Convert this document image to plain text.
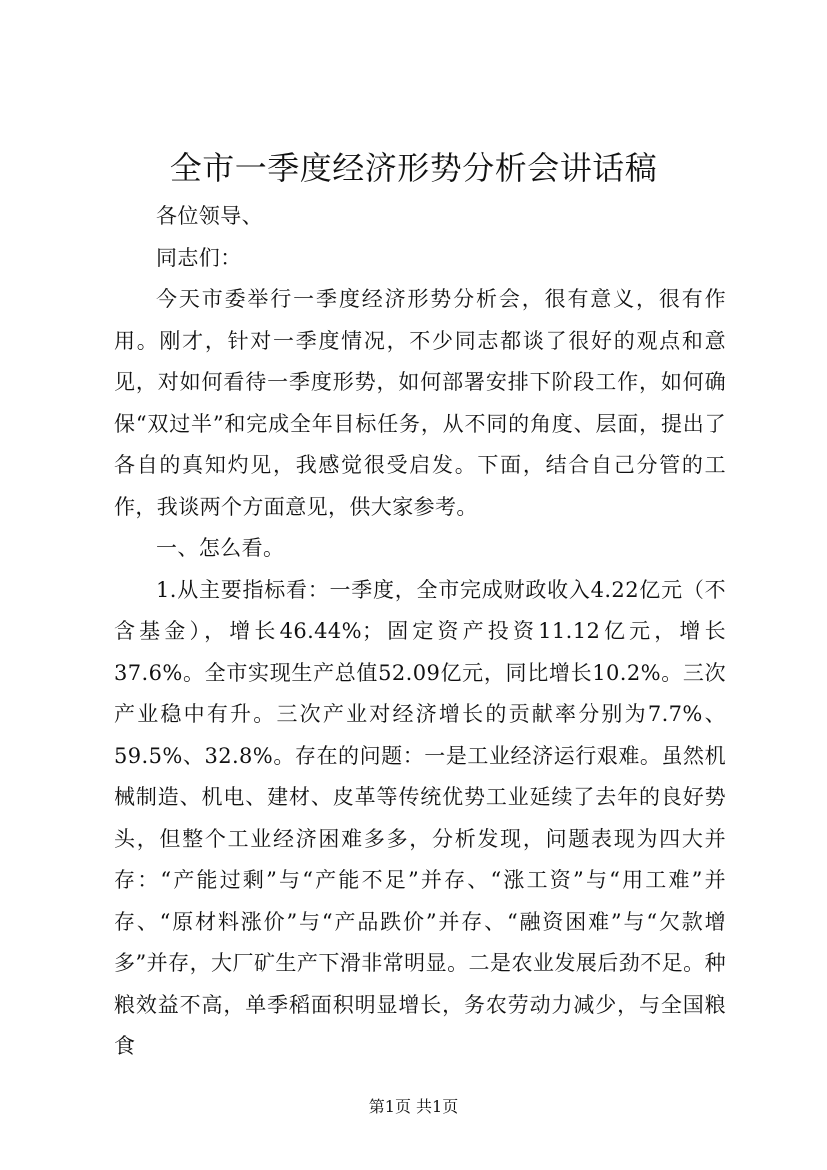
全市一季度经济形势分析会讲话稿

各位领导、

同志们：

今天市委举行一季度经济形势分析会，很有意义，很有作用。刚才，针对一季度情况，不少同志都谈了很好的观点和意见，对如何看待一季度形势，如何部署安排下阶段工作，如何确保“双过半”和完成全年目标任务，从不同的角度、层面，提出了各自的真知灼见，我感觉很受启发。下面，结合自己分管的工作，我谈两个方面意见，供大家参考。

一、怎么看。

1.从主要指标看：一季度，全市完成财政收入4.22亿元（不含基金），增长46.44%；固定资产投资11.12亿元，增长37.6%。全市实现生产总值52.09亿元，同比增长10.2%。三次产业稳中有升。三次产业对经济增长的贡献率分别为7.7%、59.5%、32.8%。存在的问题：一是工业经济运行艰难。虽然机械制造、机电、建材、皮革等传统优势工业延续了去年的良好势头，但整个工业经济困难多多，分析发现，问题表现为四大并存：“产能过剩”与“产能不足”并存、“涨工资”与“用工难”并存、“原材料涨价”与“产品跌价”并存、“融资困难”与“欠款增多”并存，大厂矿生产下滑非常明显。二是农业发展后劲不足。种粮效益不高，单季稻面积明显增长，务农劳动力减少，与全国粮食

第1页 共1页
